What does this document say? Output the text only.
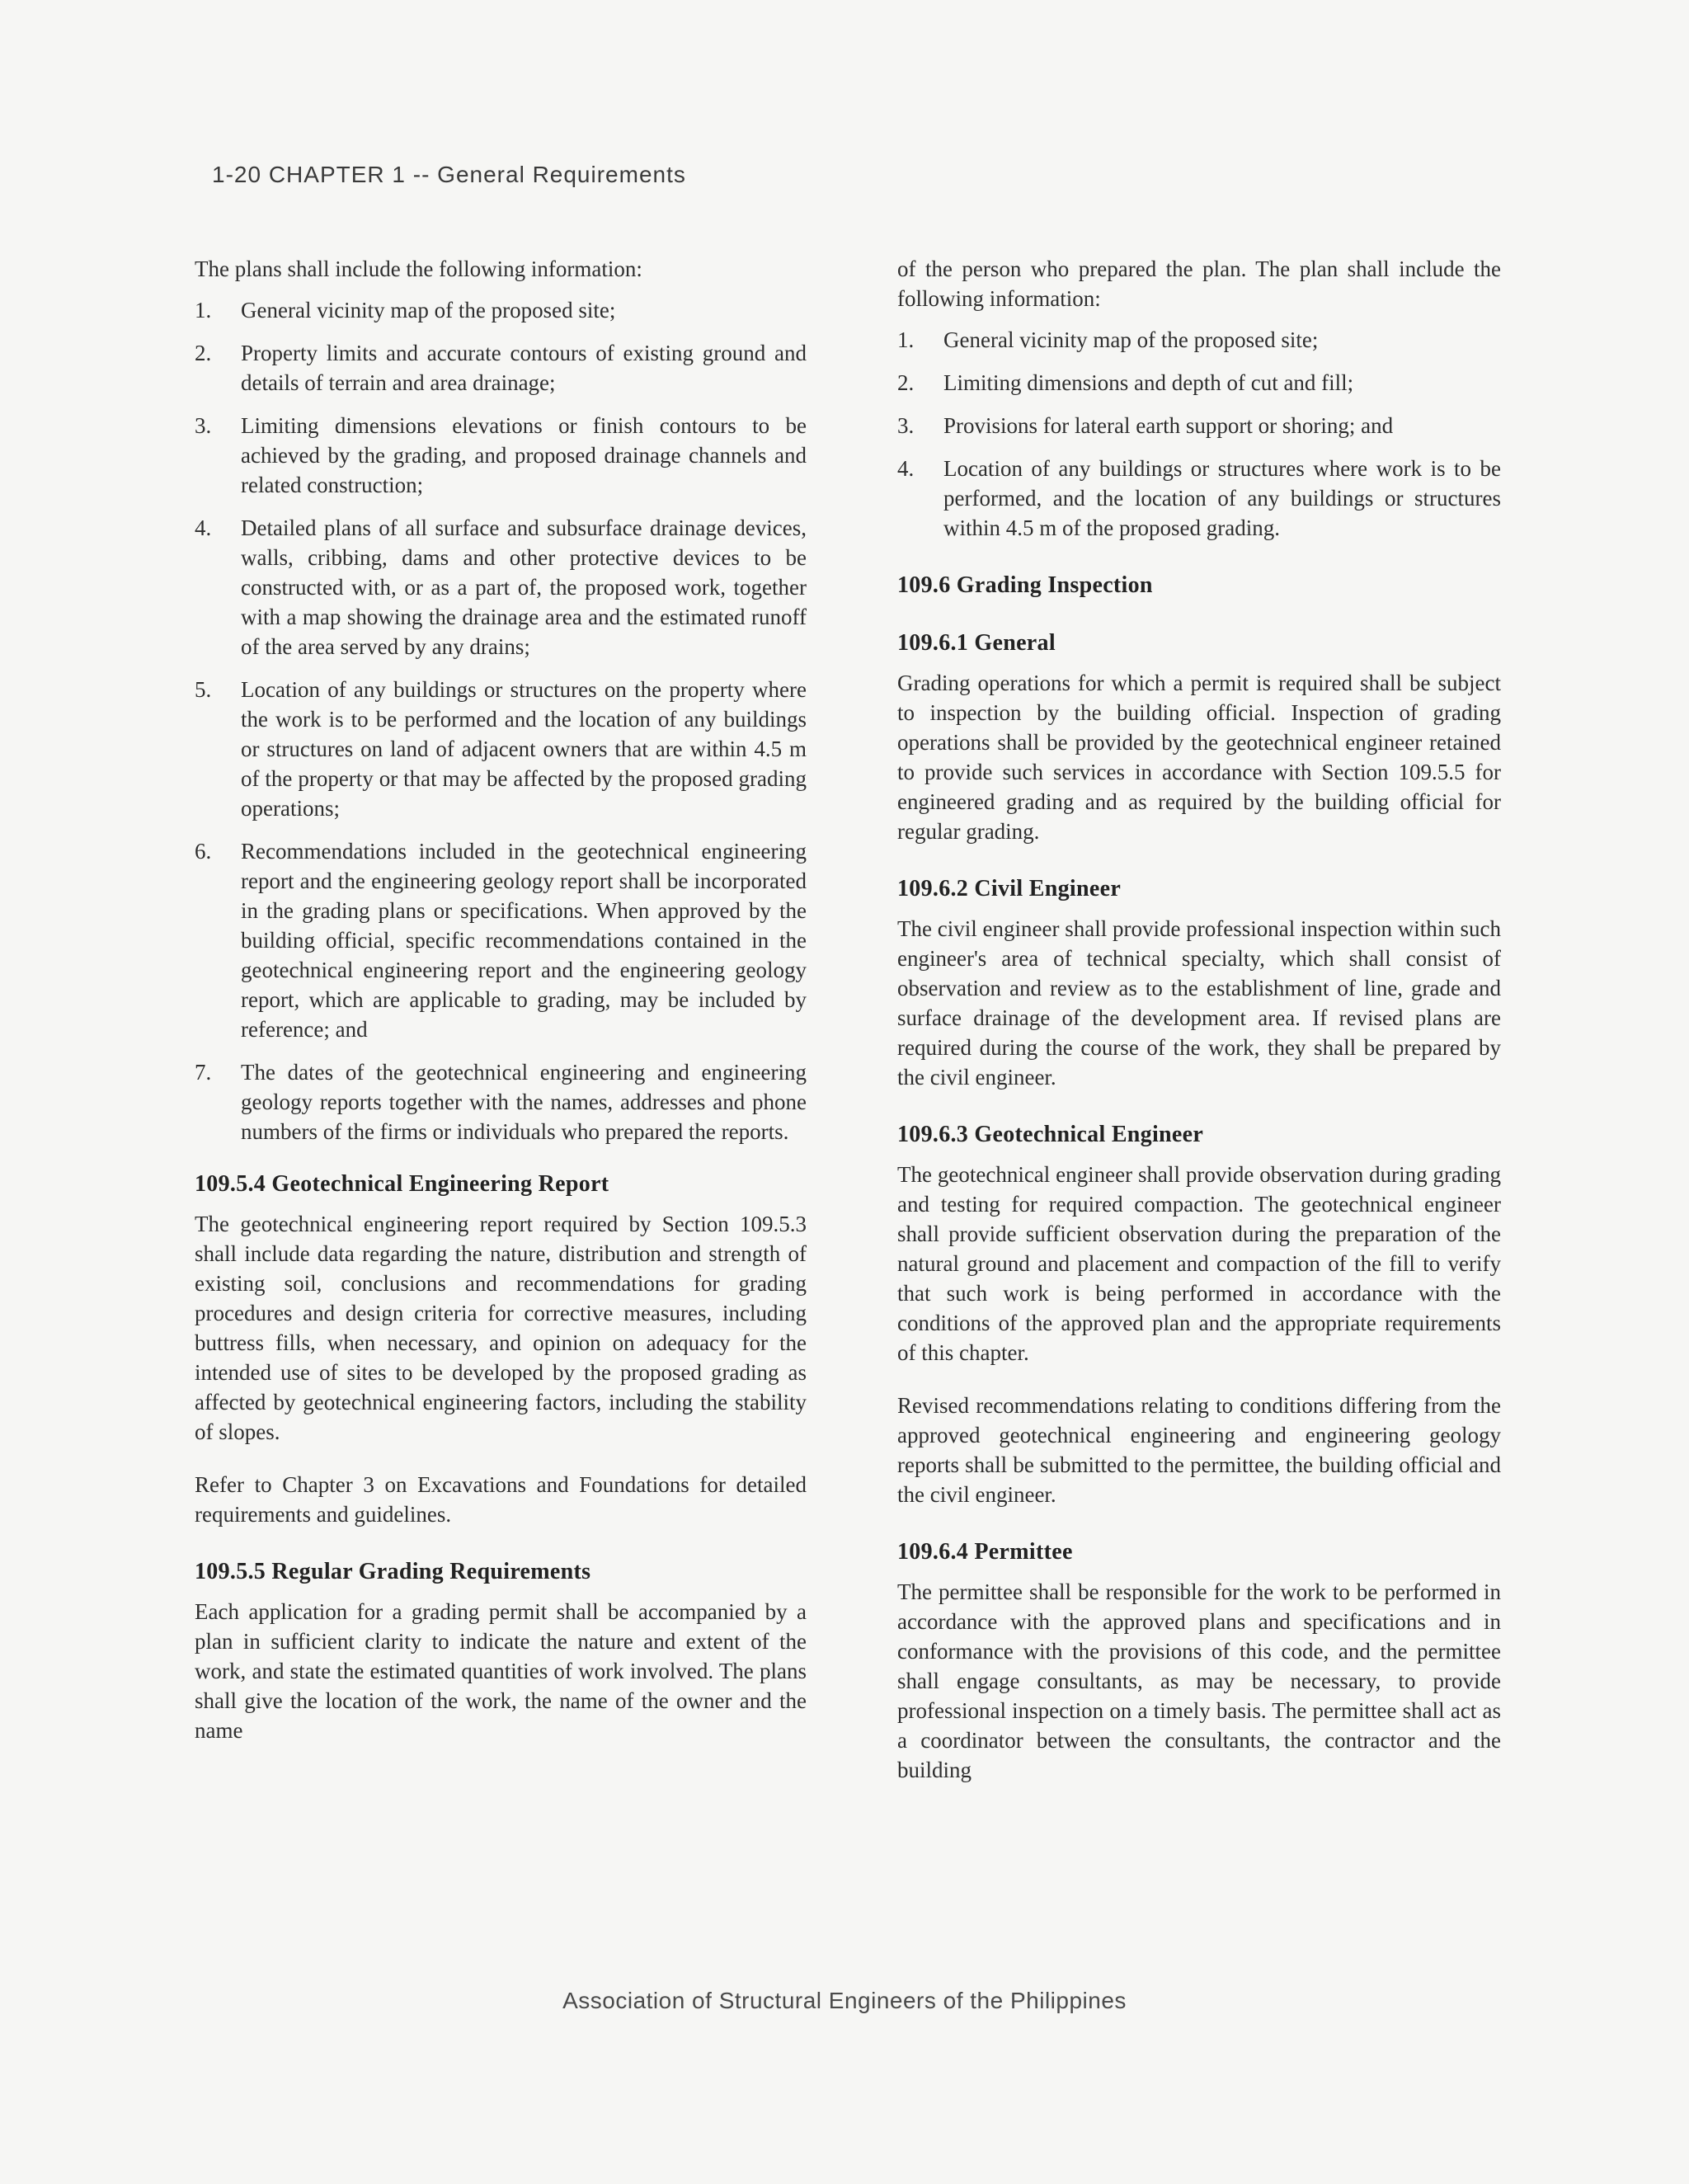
1-20 CHAPTER 1 -- General Requirements

The plans shall include the following information:

1.	General vicinity map of the proposed site;
2.	Property limits and accurate contours of existing ground and details of terrain and area drainage;
3.	Limiting dimensions elevations or finish contours to be achieved by the grading, and proposed drainage channels and related construction;
4.	Detailed plans of all surface and subsurface drainage devices, walls, cribbing, dams and other protective devices to be constructed with, or as a part of, the proposed work, together with a map showing the drainage area and the estimated runoff of the area served by any drains;
5.	Location of any buildings or structures on the property where the work is to be performed and the location of any buildings or structures on land of adjacent owners that are within 4.5 m of the property or that may be affected by the proposed grading operations;
6.	Recommendations included in the geotechnical engineering report and the engineering geology report shall be incorporated in the grading plans or specifications. When approved by the building official, specific recommendations contained in the geotechnical engineering report and the engineering geology report, which are applicable to grading, may be included by reference; and
7.	The dates of the geotechnical engineering and engineering geology reports together with the names, addresses and phone numbers of the firms or individuals who prepared the reports.
109.5.4 Geotechnical Engineering Report

The geotechnical engineering report required by Section 109.5.3 shall include data regarding the nature, distribution and strength of existing soil, conclusions and recommendations for grading procedures and design criteria for corrective measures, including buttress fills, when necessary, and opinion on adequacy for the intended use of sites to be developed by the proposed grading as affected by geotechnical engineering factors, including the stability of slopes.

Refer to Chapter 3 on Excavations and Foundations for detailed requirements and guidelines.

109.5.5 Regular Grading Requirements

Each application for a grading permit shall be accompanied by a plan in sufficient clarity to indicate the nature and extent of the work, and state the estimated quantities of work involved. The plans shall give the location of the work, the name of the owner and the name

of the person who prepared the plan. The plan shall include the following information:

1.	General vicinity map of the proposed site;
2.	Limiting dimensions and depth of cut and fill;
3.	Provisions for lateral earth support or shoring; and
4.	Location of any buildings or structures where work is to be performed, and the location of any buildings or structures within 4.5 m of the proposed grading.
109.6 Grading Inspection
109.6.1 General

Grading operations for which a permit is required shall be subject to inspection by the building official. Inspection of grading operations shall be provided by the geotechnical engineer retained to provide such services in accordance with Section 109.5.5 for engineered grading and as required by the building official for regular grading.

109.6.2 Civil Engineer

The civil engineer shall provide professional inspection within such engineer's area of technical specialty, which shall consist of observation and review as to the establishment of line, grade and surface drainage of the development area. If revised plans are required during the course of the work, they shall be prepared by the civil engineer.

109.6.3 Geotechnical Engineer

The geotechnical engineer shall provide observation during grading and testing for required compaction. The geotechnical engineer shall provide sufficient observation during the preparation of the natural ground and placement and compaction of the fill to verify that such work is being performed in accordance with the conditions of the approved plan and the appropriate requirements of this chapter.

Revised recommendations relating to conditions differing from the approved geotechnical engineering and engineering geology reports shall be submitted to the permittee, the building official and the civil engineer.

109.6.4 Permittee

The permittee shall be responsible for the work to be performed in accordance with the approved plans and specifications and in conformance with the provisions of this code, and the permittee shall engage consultants, as may be necessary, to provide professional inspection on a timely basis. The permittee shall act as a coordinator between the consultants, the contractor and the building

Association of Structural Engineers of the Philippines
